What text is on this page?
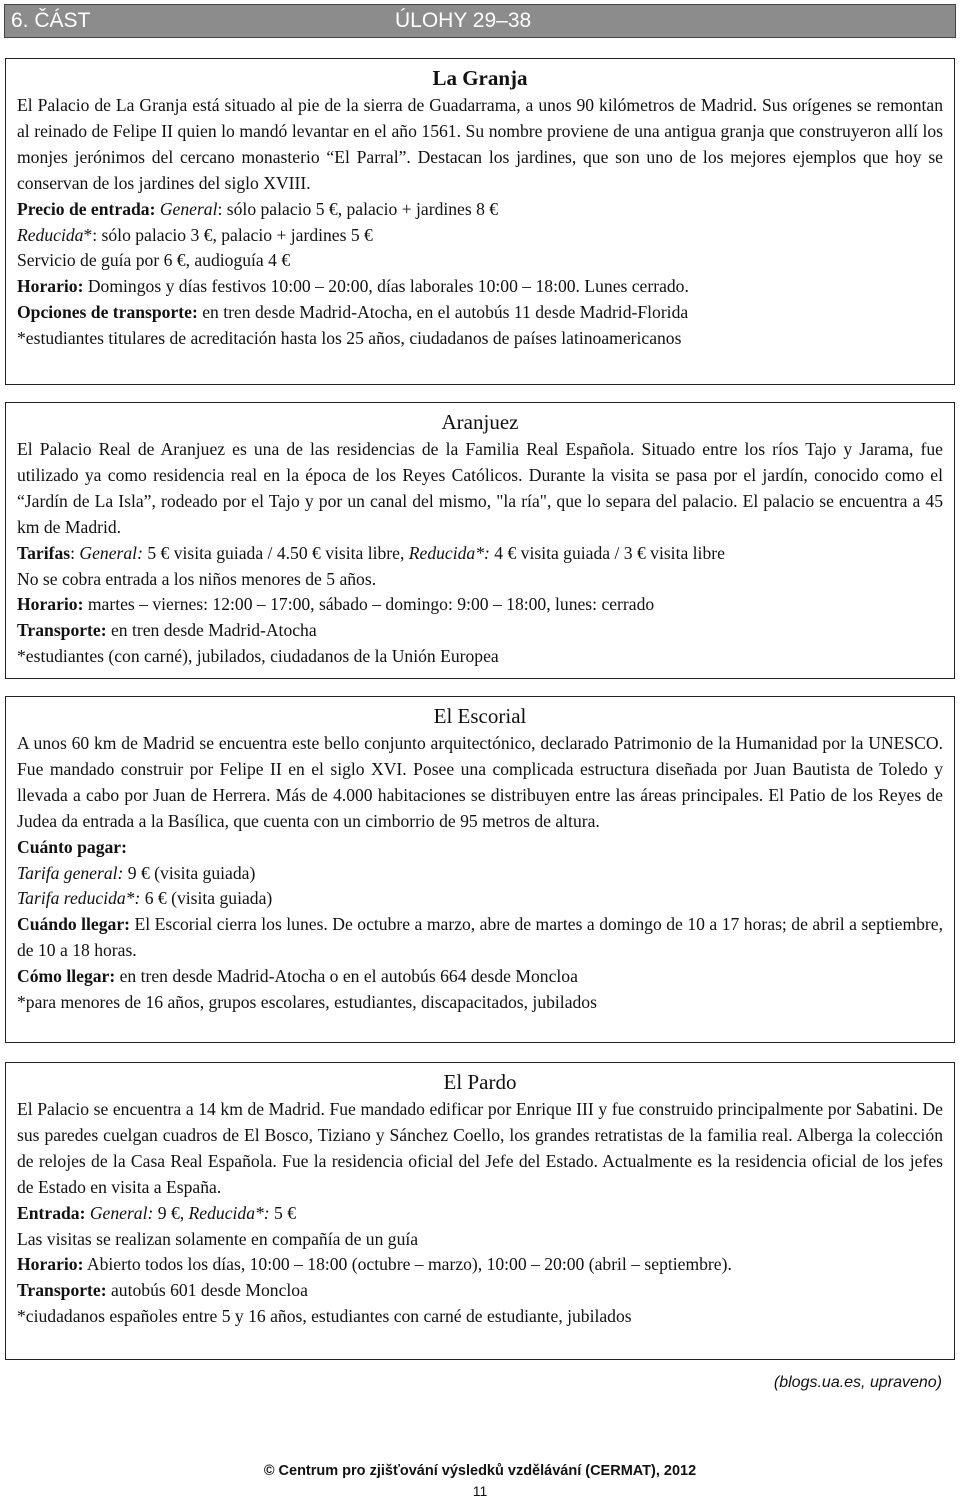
6. ČÁST	ÚLOHY 29–38
La Granja

El Palacio de La Granja está situado al pie de la sierra de Guadarrama, a unos 90 kilómetros de Madrid. Sus orígenes se remontan al reinado de Felipe II quien lo mandó levantar en el año 1561. Su nombre proviene de una antigua granja que construyeron allí los monjes jerónimos del cercano monasterio “El Parral”. Destacan los jardines, que son uno de los mejores ejemplos que hoy se conservan de los jardines del siglo XVIII.

Precio de entrada: General: sólo palacio 5 €, palacio + jardines 8 €
Reducida*: sólo palacio 3 €, palacio + jardines 5 €
Servicio de guía por 6 €, audioguía 4 €
Horario: Domingos y días festivos 10:00 – 20:00, días laborales 10:00 – 18:00. Lunes cerrado.
Opciones de transporte: en tren desde Madrid-Atocha, en el autobús 11 desde Madrid-Florida
*estudiantes titulares de acreditación hasta los 25 años, ciudadanos de países latinoamericanos
Aranjuez

El Palacio Real de Aranjuez es una de las residencias de la Familia Real Española. Situado entre los ríos Tajo y Jarama, fue utilizado ya como residencia real en la época de los Reyes Católicos. Durante la visita se pasa por el jardín, conocido como el “Jardín de La Isla”, rodeado por el Tajo y por un canal del mismo, "la ría", que lo separa del palacio. El palacio se encuentra a 45 km de Madrid.

Tarifas: General: 5 € visita guiada / 4.50 € visita libre, Reducida*: 4 € visita guiada / 3 € visita libre
No se cobra entrada a los niños menores de 5 años.
Horario: martes – viernes: 12:00 – 17:00, sábado – domingo: 9:00 – 18:00, lunes: cerrado
Transporte: en tren desde Madrid-Atocha
*estudiantes (con carné), jubilados, ciudadanos de la Unión Europea
El Escorial

A unos 60 km de Madrid se encuentra este bello conjunto arquitectónico, declarado Patrimonio de la Humanidad por la UNESCO. Fue mandado construir por Felipe II en el siglo XVI. Posee una complicada estructura diseñada por Juan Bautista de Toledo y llevada a cabo por Juan de Herrera. Más de 4.000 habitaciones se distribuyen entre las áreas principales. El Patio de los Reyes de Judea da entrada a la Basílica, que cuenta con un cimborrio de 95 metros de altura.

Cuánto pagar:
Tarifa general: 9 € (visita guiada)
Tarifa reducida*: 6 € (visita guiada)

Cuándo llegar: El Escorial cierra los lunes. De octubre a marzo, abre de martes a domingo de 10 a 17 horas; de abril a septiembre, de 10 a 18 horas.

Cómo llegar: en tren desde Madrid-Atocha o en el autobús 664 desde Moncloa
*para menores de 16 años, grupos escolares, estudiantes, discapacitados, jubilados
El Pardo

El Palacio se encuentra a 14 km de Madrid. Fue mandado edificar por Enrique III y fue construido principalmente por Sabatini. De sus paredes cuelgan cuadros de El Bosco, Tiziano y Sánchez Coello, los grandes retratistas de la familia real. Alberga la colección de relojes de la Casa Real Española. Fue la residencia oficial del Jefe del Estado. Actualmente es la residencia oficial de los jefes de Estado en visita a España.

Entrada: General: 9 €, Reducida*: 5 €
Las visitas se realizan solamente en compañía de un guía
Horario: Abierto todos los días, 10:00 – 18:00 (octubre – marzo), 10:00 – 20:00 (abril – septiembre).
Transporte: autobús 601 desde Moncloa
*ciudadanos españoles entre 5 y 16 años, estudiantes con carné de estudiante, jubilados
(blogs.ua.es, upraveno)
© Centrum pro zjišťování výsledků vzdělávání (CERMAT), 2012
11
